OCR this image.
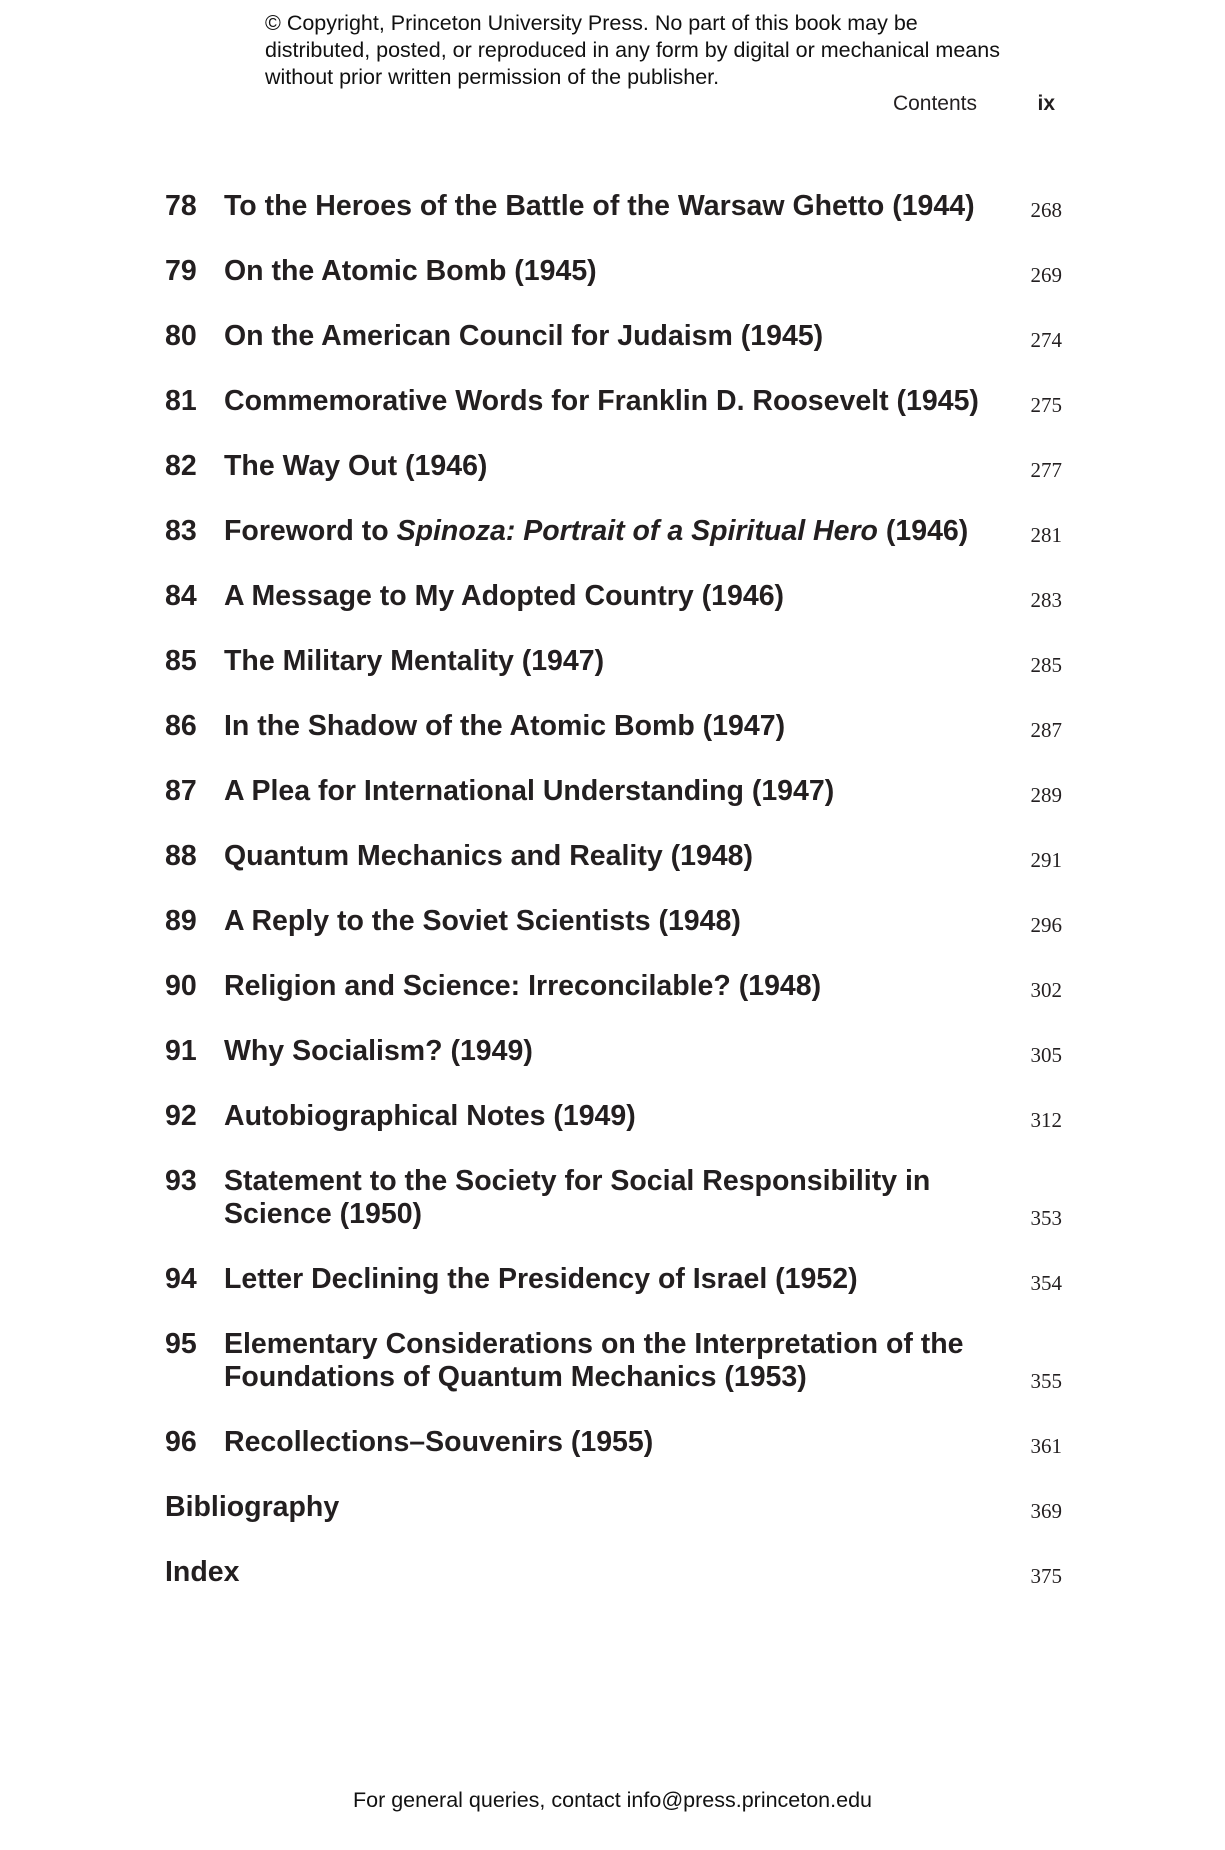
© Copyright, Princeton University Press. No part of this book may be distributed, posted, or reproduced in any form by digital or mechanical means without prior written permission of the publisher.
Contents	ix
78 To the Heroes of the Battle of the Warsaw Ghetto (1944)	268
79 On the Atomic Bomb (1945)	269
80 On the American Council for Judaism (1945)	274
81 Commemorative Words for Franklin D. Roosevelt (1945)	275
82 The Way Out (1946)	277
83 Foreword to Spinoza: Portrait of a Spiritual Hero (1946)	281
84 A Message to My Adopted Country (1946)	283
85 The Military Mentality (1947)	285
86 In the Shadow of the Atomic Bomb (1947)	287
87 A Plea for International Understanding (1947)	289
88 Quantum Mechanics and Reality (1948)	291
89 A Reply to the Soviet Scientists (1948)	296
90 Religion and Science: Irreconcilable? (1948)	302
91 Why Socialism? (1949)	305
92 Autobiographical Notes (1949)	312
93 Statement to the Society for Social Responsibility in
Science (1950)	353
94 Letter Declining the Presidency of Israel (1952)	354
95 Elementary Considerations on the Interpretation of the
Foundations of Quantum Mechanics (1953)	355
96 Recollections–Souvenirs (1955)	361
Bibliography	369
Index	375
For general queries, contact info@press.princeton.edu
